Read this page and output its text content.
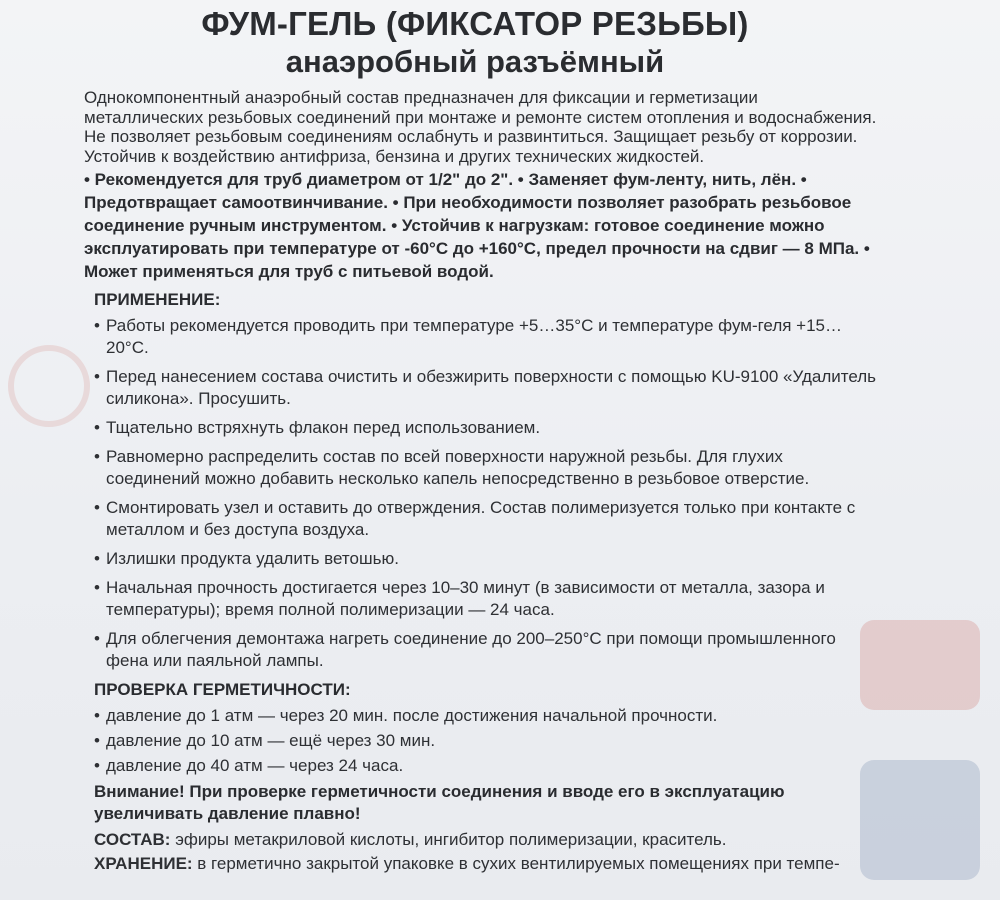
ФУМ-ГЕЛЬ (ФИКСАТОР РЕЗЬБЫ)
анаэробный разъёмный

Однокомпонентный анаэробный состав предназначен для фиксации и герметизации металлических резьбовых соединений при монтаже и ремонте систем отопления и водоснабжения. Не позволяет резьбовым соединениям ослабнуть и развинтиться. Защищает резьбу от коррозии. Устойчив к воздействию антифриза, бензина и других технических жидкостей.

• Рекомендуется для труб диаметром от 1/2" до 2". • Заменяет фум-ленту, нить, лён. • Предотвращает самоотвинчивание. • При необходимости позволяет разобрать резьбовое соединение ручным инструментом. • Устойчив к нагрузкам: готовое соединение можно эксплуатировать при температуре от -60°С до +160°С, предел прочности на сдвиг — 8 МПа. • Может применяться для труб с питьевой водой.

ПРИМЕНЕНИЕ:
• Работы рекомендуется проводить при температуре +5…35°С и температуре фум-геля +15…20°С.
• Перед нанесением состава очистить и обезжирить поверхности с помощью KU-9100 «Удалитель силикона». Просушить.
• Тщательно встряхнуть флакон перед использованием.
• Равномерно распределить состав по всей поверхности наружной резьбы. Для глухих соединений можно добавить несколько капель непосредственно в резьбовое отверстие.
• Смонтировать узел и оставить до отверждения. Состав полимеризуется только при контакте с металлом и без доступа воздуха.
• Излишки продукта удалить ветошью.
• Начальная прочность достигается через 10–30 минут (в зависимости от металла, зазора и температуры); время полной полимеризации — 24 часа.
• Для облегчения демонтажа нагреть соединение до 200–250°С при помощи промышленного фена или паяльной лампы.
ПРОВЕРКА ГЕРМЕТИЧНОСТИ:
• давление до 1 атм — через 20 мин. после достижения начальной прочности.
• давление до 10 атм — ещё через 30 мин.
• давление до 40 атм — через 24 часа.

Внимание! При проверке герметичности соединения и вводе его в эксплуатацию увеличивать давление плавно!

СОСТАВ: эфиры метакриловой кислоты, ингибитор полимеризации, краситель.

ХРАНЕНИЕ: в герметично закрытой упаковке в сухих вентилируемых помещениях при темпе-
